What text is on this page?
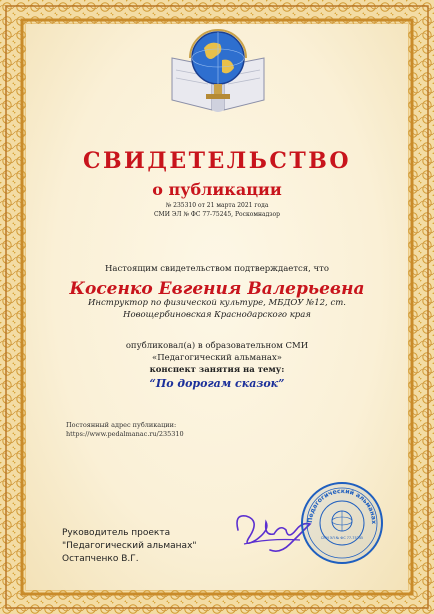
СВИДЕТЕЛЬСТВО
о публикации
№ 235310 от 21 марта 2021 года
СМИ ЭЛ № ФС 77-75245, Роскомнадзор
Настоящим свидетельством подтверждается, что
Косенко Евгения Валерьевна
Инструктор по физической культуре, МБДОУ №12, ст.
Новощербиновская Краснодарского края
опубликовал(а) в образовательном СМИ
«Педагогический альманах»
конспект занятия на тему:
“По дорогам сказок”
Постоянный адрес публикации:
https://www.pedalmanac.ru/235310
Руководитель проекта
"Педагогический альманах"
Остапченко В.Г.
Педагогический альманах
СМИ ЭЛ № ФС 77-75245
